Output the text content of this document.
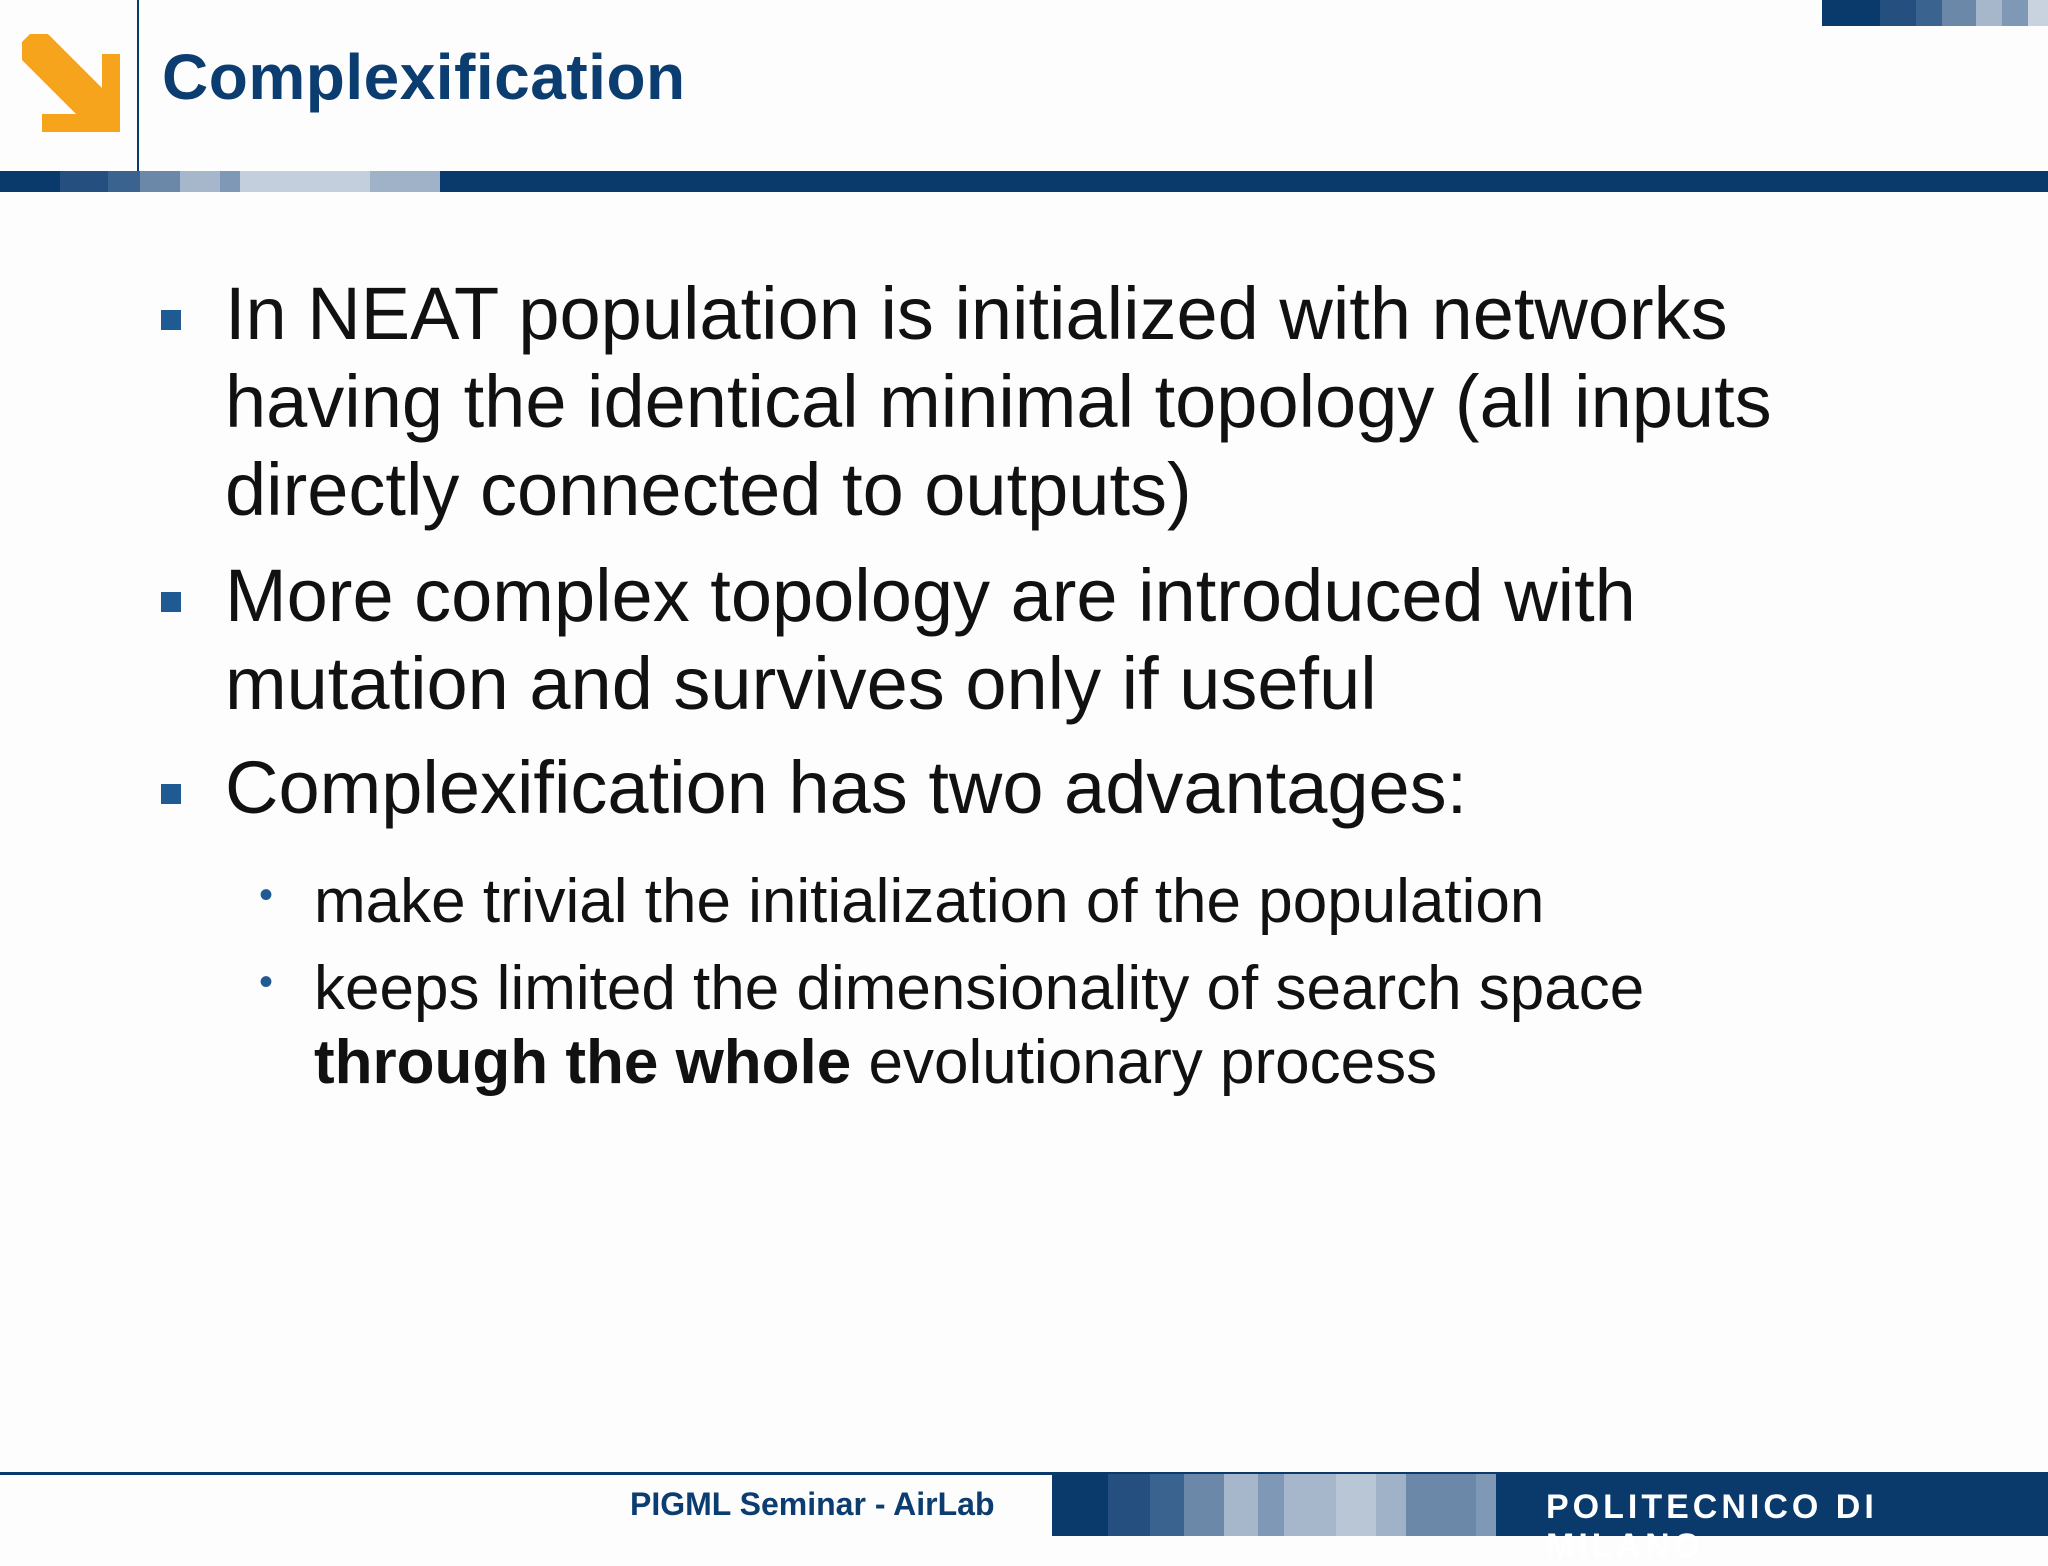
Complexification
In NEAT population is initialized with networks
having the identical minimal topology (all inputs
directly connected to outputs)
More complex topology are introduced with
mutation and survives only if useful
Complexification has two advantages:
• make trivial the initialization of the population
• keeps limited the dimensionality of search space
through the whole evolutionary process
PIGML Seminar - AirLab	POLITECNICO DI MILANO
